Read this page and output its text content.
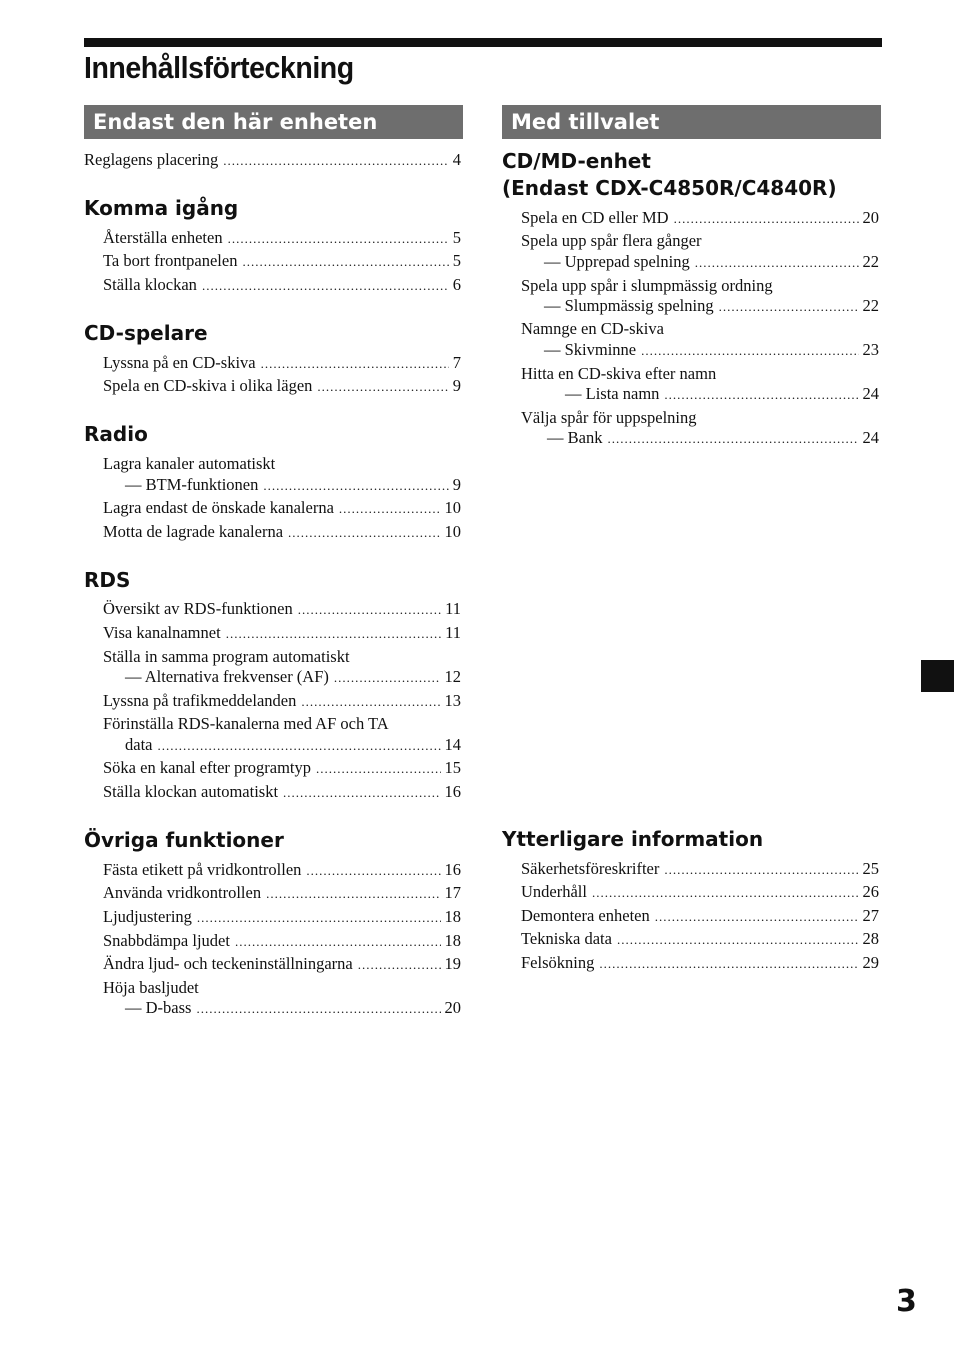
Innehållsförteckning
Endast den här enheten
Reglagens placering .....	4
Komma igång
Återställa enheten .....	5
Ta bort frontpanelen .....	5
Ställa klockan .....	6
CD-spelare
Lyssna på en CD-skiva .....	7
Spela en CD-skiva i olika lägen .....	9
Radio
Lagra kanaler automatiskt
— BTM-funktionen .....	9
Lagra endast de önskade kanalerna .....	10
Motta de lagrade kanalerna .....	10
RDS
Översikt av RDS-funktionen .....	11
Visa kanalnamnet .....	11
Ställa in samma program automatiskt
— Alternativa frekvenser (AF) .....	12
Lyssna på trafikmeddelanden .....	13
Förinställa RDS-kanalerna med AF och TA
data .....	14
Söka en kanal efter programtyp .....	15
Ställa klockan automatiskt .....	16
Övriga funktioner
Fästa etikett på vridkontrollen .....	16
Använda vridkontrollen .....	17
Ljudjustering .....	18
Snabbdämpa ljudet .....	18
Ändra ljud- och teckeninställningarna .....	19
Höja basljudet
— D-bass .....	20
Med tillvalet
CD/MD-enhet
(Endast CDX-C4850R/C4840R)
Spela en CD eller MD .....	20
Spela upp spår flera gånger
— Upprepad spelning .....	22
Spela upp spår i slumpmässig ordning
— Slumpmässig spelning .....	22
Namnge en CD-skiva
— Skivminne .....	23
Hitta en CD-skiva efter namn
— Lista namn .....	24
Välja spår för uppspelning
— Bank .....	24
Ytterligare information
Säkerhetsföreskrifter .....	25
Underhåll .....	26
Demontera enheten .....	27
Tekniska data .....	28
Felsökning .....	29
3
